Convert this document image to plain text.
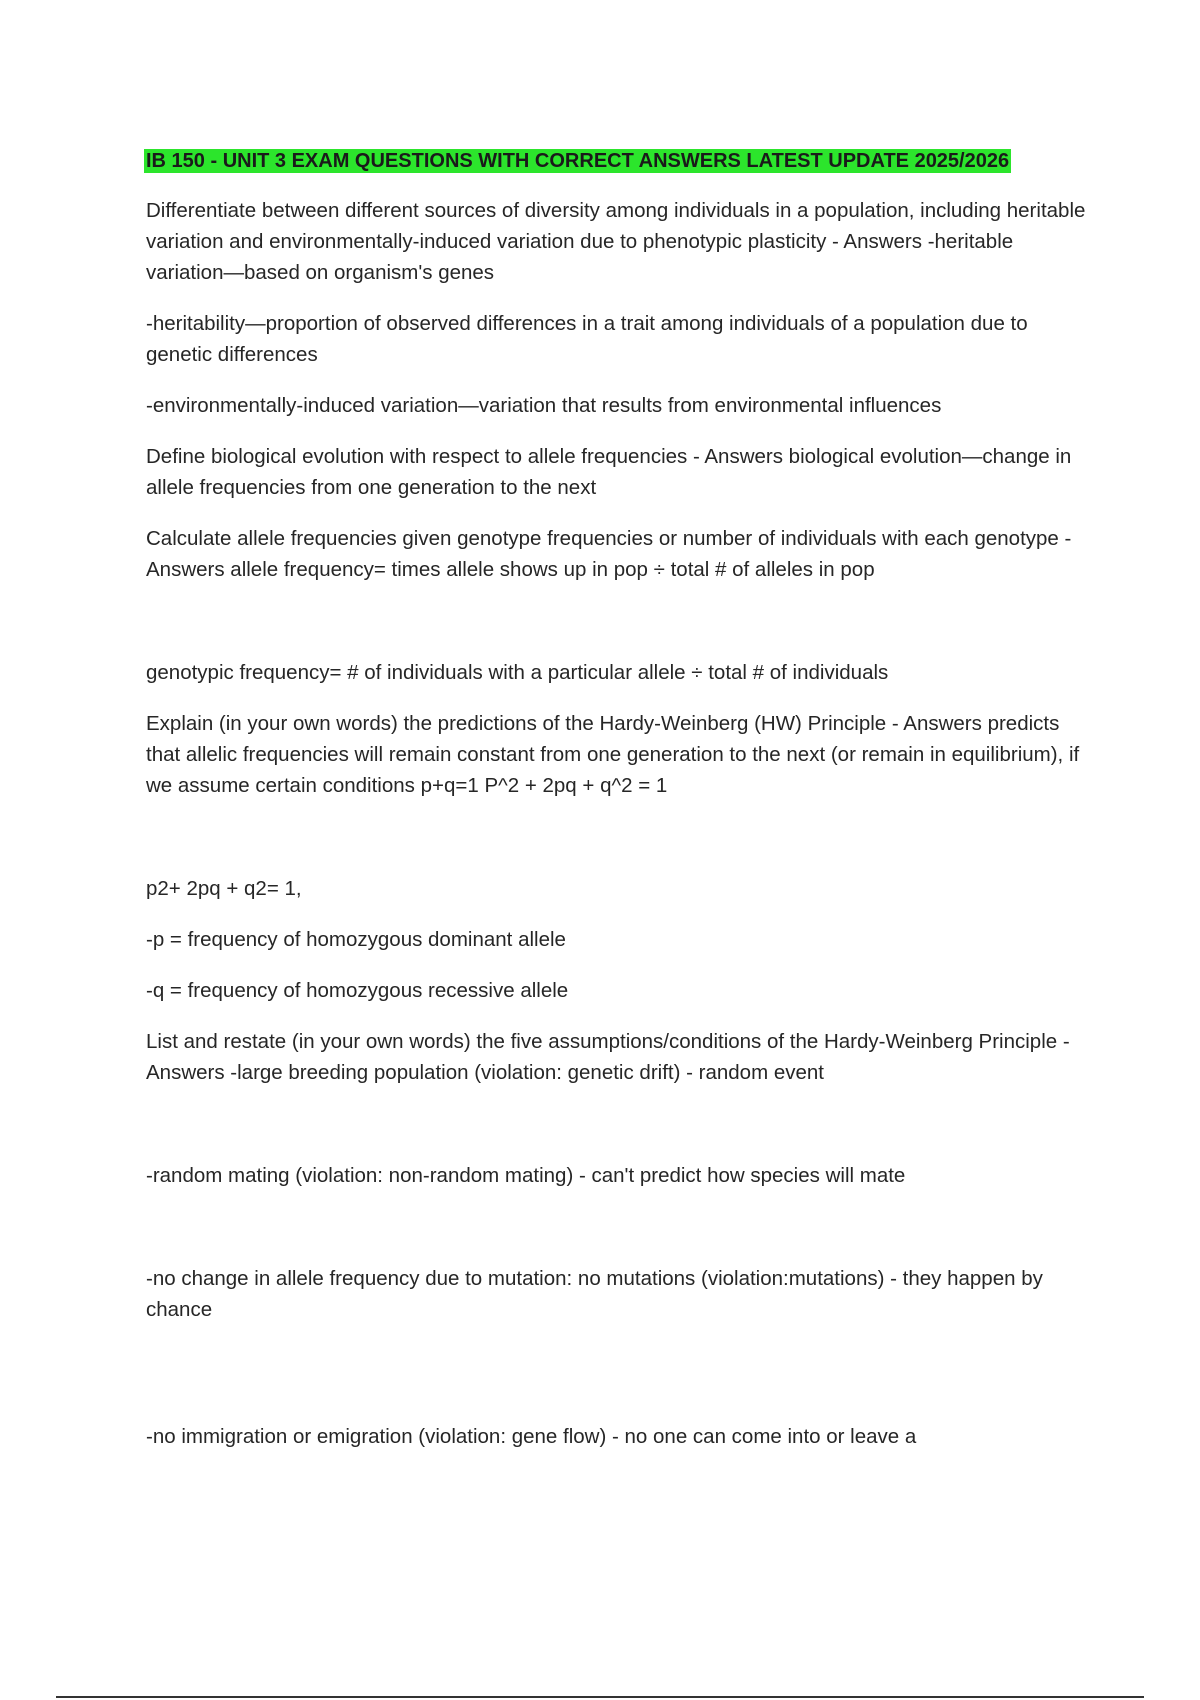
IB 150 - UNIT 3 EXAM QUESTIONS WITH CORRECT ANSWERS LATEST UPDATE 2025/2026

Differentiate between different sources of diversity among individuals in a population, including heritable variation and environmentally-induced variation due to phenotypic plasticity - Answers -heritable variation—based on organism's genes

-heritability—proportion of observed differences in a trait among individuals of a population due to genetic differences

-environmentally-induced variation—variation that results from environmental influences

Define biological evolution with respect to allele frequencies - Answers biological evolution—change in allele frequencies from one generation to the next

Calculate allele frequencies given genotype frequencies or number of individuals with each genotype - Answers allele frequency= times allele shows up in pop ÷ total # of alleles in pop

genotypic frequency= # of individuals with a particular allele ÷ total # of individuals

Explain (in your own words) the predictions of the Hardy-Weinberg (HW) Principle - Answers predicts that allelic frequencies will remain constant from one generation to the next (or remain in equilibrium), if we assume certain conditions p+q=1 P^2 + 2pq + q^2 = 1

p2+ 2pq + q2= 1,

-p = frequency of homozygous dominant allele

-q = frequency of homozygous recessive allele

List and restate (in your own words) the five assumptions/conditions of the Hardy-Weinberg Principle - Answers -large breeding population (violation: genetic drift) - random event

-random mating (violation: non-random mating) - can't predict how species will mate

-no change in allele frequency due to mutation: no mutations (violation:mutations) - they happen by chance

-no immigration or emigration (violation: gene flow) - no one can come into or leave a
